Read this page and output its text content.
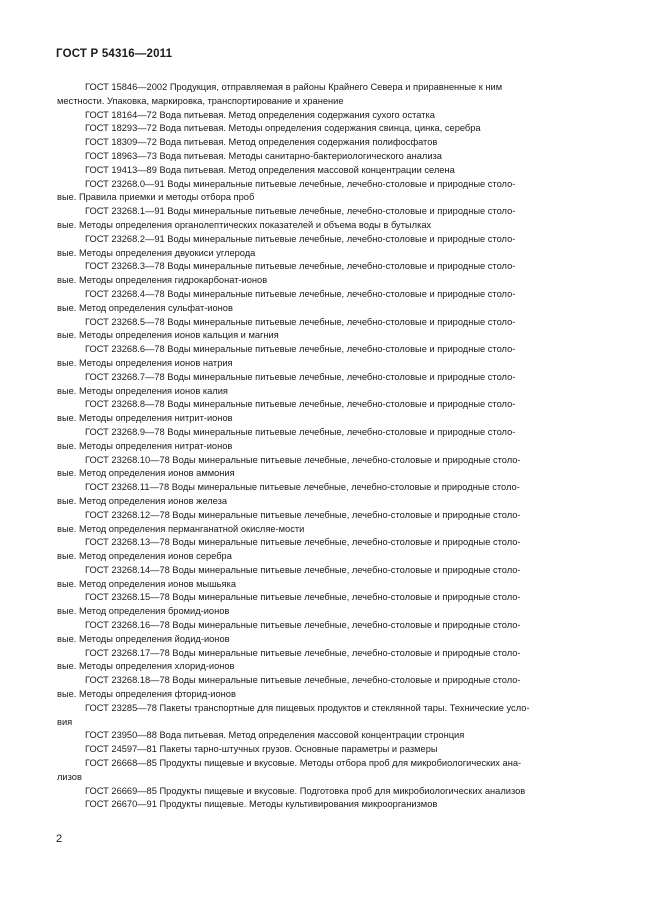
ГОСТ Р 54316—2011

ГОСТ 15846—2002 Продукция, отправляемая в районы Крайнего Севера и приравненные к ним
местности. Упаковка, маркировка, транспортирование и хранение

ГОСТ 18164—72 Вода питьевая. Метод определения содержания сухого остатка

ГОСТ 18293—72 Вода питьевая. Методы определения содержания свинца, цинка, серебра

ГОСТ 18309—72 Вода питьевая. Метод определения содержания полифосфатов

ГОСТ 18963—73 Вода питьевая. Методы санитарно-бактериологического анализа

ГОСТ 19413—89 Вода питьевая. Метод определения массовой концентрации селена

ГОСТ 23268.0—91 Воды минеральные питьевые лечебные, лечебно-столовые и природные столо-
вые. Правила приемки и методы отбора проб

ГОСТ 23268.1—91 Воды минеральные питьевые лечебные, лечебно-столовые и природные столо-
вые. Методы определения органолептических показателей и объема воды в бутылках

ГОСТ 23268.2—91 Воды минеральные питьевые лечебные, лечебно-столовые и природные столо-
вые. Методы определения двуокиси углерода

ГОСТ 23268.3—78 Воды минеральные питьевые лечебные, лечебно-столовые и природные столо-
вые. Методы определения гидрокарбонат-ионов

ГОСТ 23268.4—78 Воды минеральные питьевые лечебные, лечебно-столовые и природные столо-
вые. Метод определения сульфат-ионов

ГОСТ 23268.5—78 Воды минеральные питьевые лечебные, лечебно-столовые и природные столо-
вые. Методы определения ионов кальция и магния

ГОСТ 23268.6—78 Воды минеральные питьевые лечебные, лечебно-столовые и природные столо-
вые. Методы определения ионов натрия

ГОСТ 23268.7—78 Воды минеральные питьевые лечебные, лечебно-столовые и природные столо-
вые. Методы определения ионов калия

ГОСТ 23268.8—78 Воды минеральные питьевые лечебные, лечебно-столовые и природные столо-
вые. Методы определения нитрит-ионов

ГОСТ 23268.9—78 Воды минеральные питьевые лечебные, лечебно-столовые и природные столо-
вые. Методы определения нитрат-ионов

ГОСТ 23268.10—78 Воды минеральные питьевые лечебные, лечебно-столовые и природные столо-
вые. Метод определения ионов аммония

ГОСТ 23268.11—78 Воды минеральные питьевые лечебные, лечебно-столовые и природные столо-
вые. Метод определения ионов железа

ГОСТ 23268.12—78 Воды минеральные питьевые лечебные, лечебно-столовые и природные столо-
вые. Метод определения перманганатной окисляе-мости

ГОСТ 23268.13—78 Воды минеральные питьевые лечебные, лечебно-столовые и природные столо-
вые. Метод определения ионов серебра

ГОСТ 23268.14—78 Воды минеральные питьевые лечебные, лечебно-столовые и природные столо-
вые. Метод определения ионов мышьяка

ГОСТ 23268.15—78 Воды минеральные питьевые лечебные, лечебно-столовые и природные столо-
вые. Метод определения бромид-ионов

ГОСТ 23268.16—78 Воды минеральные питьевые лечебные, лечебно-столовые и природные столо-
вые. Методы определения йодид-ионов

ГОСТ 23268.17—78 Воды минеральные питьевые лечебные, лечебно-столовые и природные столо-
вые. Методы определения хлорид-ионов

ГОСТ 23268.18—78 Воды минеральные питьевые лечебные, лечебно-столовые и природные столо-
вые. Методы определения фторид-ионов

ГОСТ 23285—78 Пакеты транспортные для пищевых продуктов и стеклянной тары. Технические усло-
вия

ГОСТ 23950—88 Вода питьевая. Метод определения массовой концентрации стронция

ГОСТ 24597—81 Пакеты тарно-штучных грузов. Основные параметры и размеры

ГОСТ 26668—85 Продукты пищевые и вкусовые. Методы отбора проб для микробиологических ана-
лизов

ГОСТ 26669—85 Продукты пищевые и вкусовые. Подготовка проб для микробиологических анализов

ГОСТ 26670—91 Продукты пищевые. Методы культивирования микроорганизмов

2
